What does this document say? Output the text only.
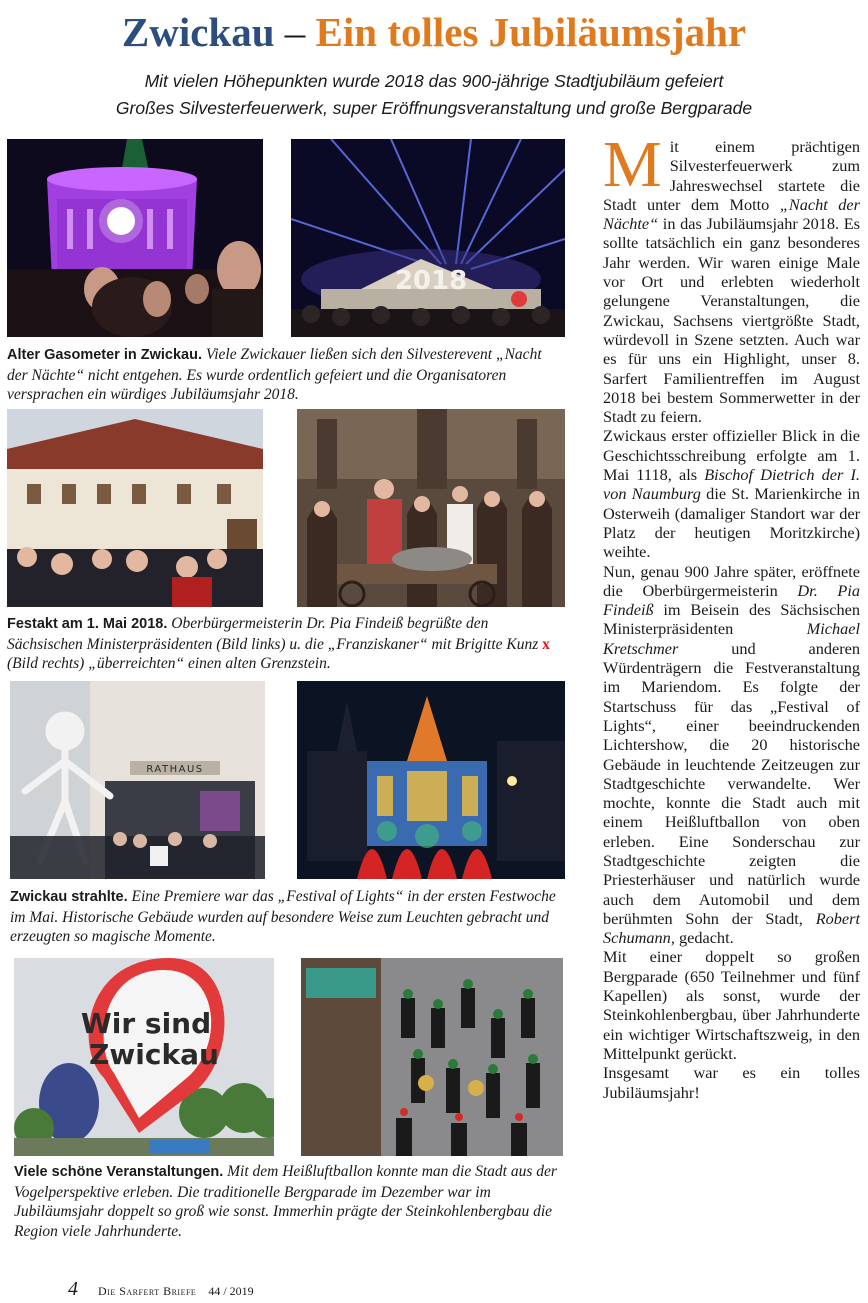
Zwickau – Ein tolles Jubiläumsjahr
Mit vielen Höhepunkten wurde 2018 das 900-jährige Stadtjubiläum gefeiert
Großes Silvesterfeuerwerk, super Eröffnungsveranstaltung und große Bergparade
2018
Alter Gasometer in Zwickau. Viele Zwickauer ließen sich den Silvesterevent „Nacht der Nächte“ nicht entgehen. Es wurde ordentlich gefeiert und die Organisatoren versprachen ein würdiges Jubiläumsjahr 2018.
Festakt am 1. Mai 2018. Oberbürgermeisterin Dr. Pia Findeiß begrüßte den Sächsischen Ministerpräsidenten (Bild links) u. die „Franziskaner“ mit Brigitte Kunz x (Bild rechts) „überreichten“ einen alten Grenzstein.
RATHAUS
Zwickau strahlte. Eine Premiere war das „Festival of Lights“ in der ersten Festwoche im Mai. Historische Gebäude wurden auf besondere Weise zum Leuchten gebracht und erzeugten so magische Momente.
Wir sind
Zwickau
Viele schöne Veranstaltungen. Mit dem Heißluftballon konnte man die Stadt aus der Vogelperspektive erleben. Die traditionelle Bergparade im Dezember war im Jubiläumsjahr doppelt so groß wie sonst. Immerhin prägte der Steinkohlenbergbau die Region viele Jahrhunderte.

Mit einem prächtigen Silvesterfeuerwerk zum Jahreswechsel startete die Stadt unter dem Motto „Nacht der Nächte“ in das Jubiläumsjahr 2018. Es sollte tatsächlich ein ganz besonderes Jahr werden. Wir waren einige Male vor Ort und erlebten wiederholt gelungene Veranstaltungen, die Zwickau, Sachsens viertgrößte Stadt, würdevoll in Szene setzten. Auch war es für uns ein Highlight, unser 8. Sarfert Familientreffen im August 2018 bei bestem Sommerwetter in der Stadt zu feiern.

Zwickaus erster offizieller Blick in die Geschichtsschreibung erfolgte am 1. Mai 1118, als Bischof Dietrich der I. von Naumburg die St. Marienkirche in Osterweih (damaliger Standort war der Platz der heutigen Moritzkirche) weihte.

Nun, genau 900 Jahre später, eröffnete die Oberbürgermeisterin Dr. Pia Findeiß im Beisein des Sächsischen Ministerpräsidenten Michael Kretschmer und anderen Würdenträgern die Festveranstaltung im Mariendom. Es folgte der Startschuss für das „Festival of Lights“, einer beeindruckenden Lichtershow, die 20 historische Gebäude in leuchtende Zeitzeugen zur Stadtgeschichte verwandelte. Wer mochte, konnte die Stadt auch mit einem Heißluftballon von oben erleben. Eine Sonderschau zur Stadtgeschichte zeigten die Priesterhäuser und natürlich wurde auch dem Automobil und dem berühmten Sohn der Stadt, Robert Schumann, gedacht.

Mit einer doppelt so großen Bergparade (650 Teilnehmer und fünf Kapellen) als sonst, wurde der Steinkohlenbergbau, über Jahrhunderte ein wichtiger Wirtschaftszweig, in den Mittelpunkt gerückt.

Insgesamt war es ein tolles Jubiläumsjahr!

4 Die Sarfert Briefe 44 / 2019
